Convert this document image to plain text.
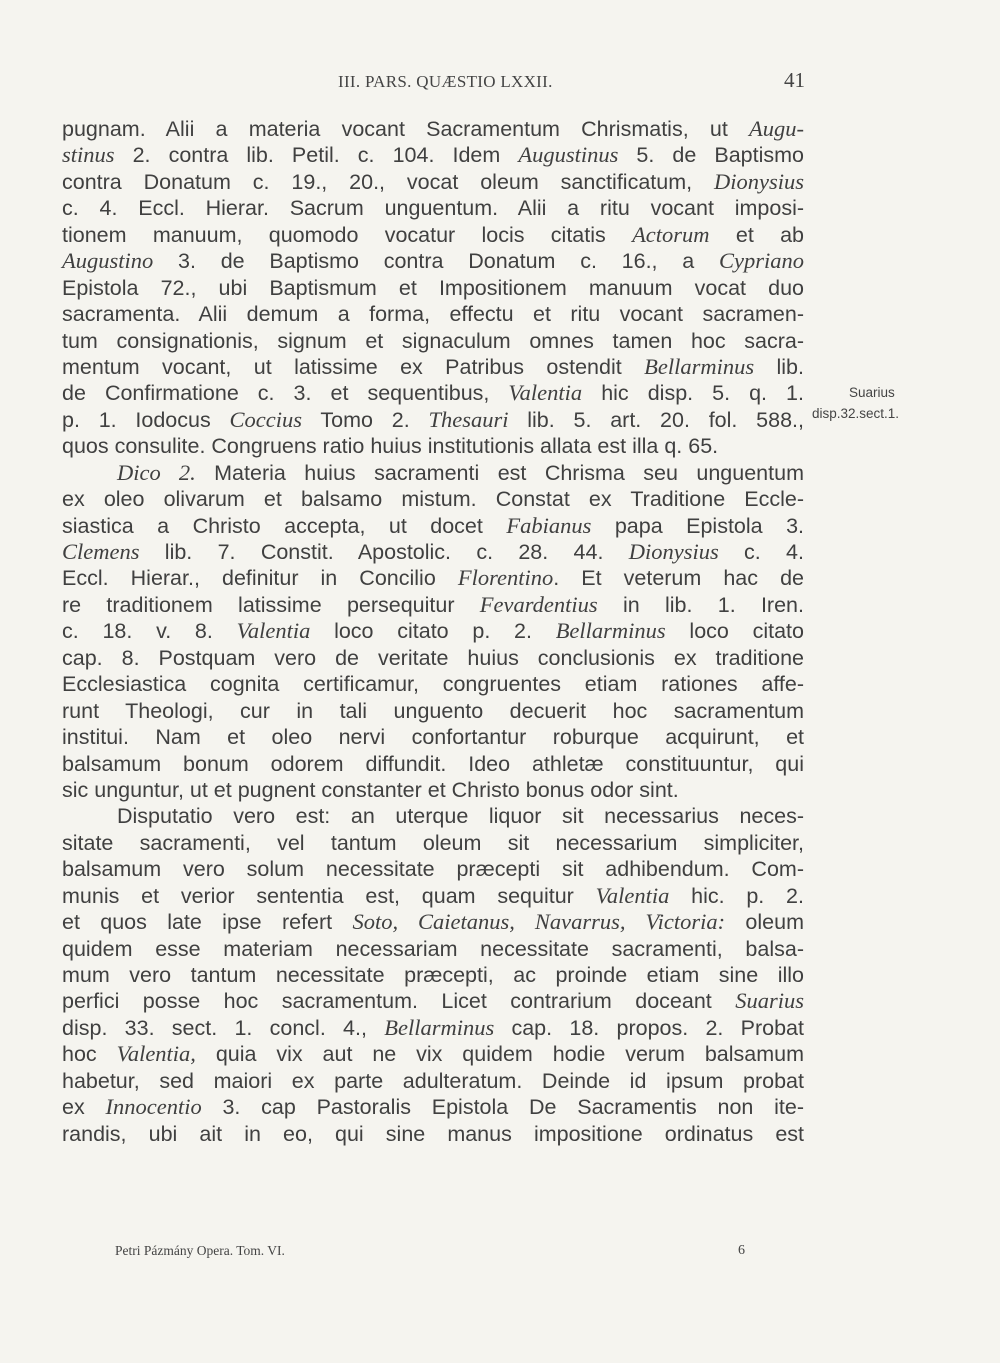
III. PARS. QUÆSTIO LXXII.	41
pugnam. Alii a materia vocant Sacramentum Chrismatis, ut Augu-
stinus 2. contra lib. Petil. c. 104. Idem Augustinus 5. de Baptismo
contra Donatum c. 19., 20., vocat oleum sanctificatum, Dionysius
c. 4. Eccl. Hierar. Sacrum unguentum. Alii a ritu vocant imposi-
tionem manuum, quomodo vocatur locis citatis Actorum et ab
Augustino 3. de Baptismo contra Donatum c. 16., a Cypriano
Epistola 72., ubi Baptismum et Impositionem manuum vocat duo
sacramenta. Alii demum a forma, effectu et ritu vocant sacramen-
tum consignationis, signum et signaculum omnes tamen hoc sacra-
mentum vocant, ut latissime ex Patribus ostendit Bellarminus lib.
de Confirmatione c. 3. et sequentibus, Valentia hic disp. 5. q. 1.
p. 1. Iodocus Coccius Tomo 2. Thesauri lib. 5. art. 20. fol. 588.,
quos consulite. Congruens ratio huius institutionis allata est illa q. 65.
Dico 2. Materia huius sacramenti est Chrisma seu unguentum
ex oleo olivarum et balsamo mistum. Constat ex Traditione Eccle-
siastica a Christo accepta, ut docet Fabianus papa Epistola 3.
Clemens lib. 7. Constit. Apostolic. c. 28. 44. Dionysius c. 4.
Eccl. Hierar., definitur in Concilio Florentino. Et veterum hac de
re traditionem latissime persequitur Fevardentius in lib. 1. Iren.
c. 18. v. 8. Valentia loco citato p. 2. Bellarminus loco citato
cap. 8. Postquam vero de veritate huius conclusionis ex traditione
Ecclesiastica cognita certificamur, congruentes etiam rationes affe-
runt Theologi, cur in tali unguento decuerit hoc sacramentum
institui. Nam et oleo nervi confortantur roburque acquirunt, et
balsamum bonum odorem diffundit. Ideo athletæ constituuntur, qui
sic unguntur, ut et pugnent constanter et Christo bonus odor sint.
Disputatio vero est: an uterque liquor sit necessarius neces-
sitate sacramenti, vel tantum oleum sit necessarium simpliciter,
balsamum vero solum necessitate præcepti sit adhibendum. Com-
munis et verior sententia est, quam sequitur Valentia hic. p. 2.
et quos late ipse refert Soto, Caietanus, Navarrus, Victoria: oleum
quidem esse materiam necessariam necessitate sacramenti, balsa-
mum vero tantum necessitate præcepti, ac proinde etiam sine illo
perfici posse hoc sacramentum. Licet contrarium doceant Suarius
disp. 33. sect. 1. concl. 4., Bellarminus cap. 18. propos. 2. Probat
hoc Valentia, quia vix aut ne vix quidem hodie verum balsamum
habetur, sed maiori ex parte adulteratum. Deinde id ipsum probat
ex Innocentio 3. cap Pastoralis Epistola De Sacramentis non ite-
randis, ubi ait in eo, qui sine manus impositione ordinatus est
Suarius
disp.32.sect.1.
Petri Pázmány Opera. Tom. VI.	6
